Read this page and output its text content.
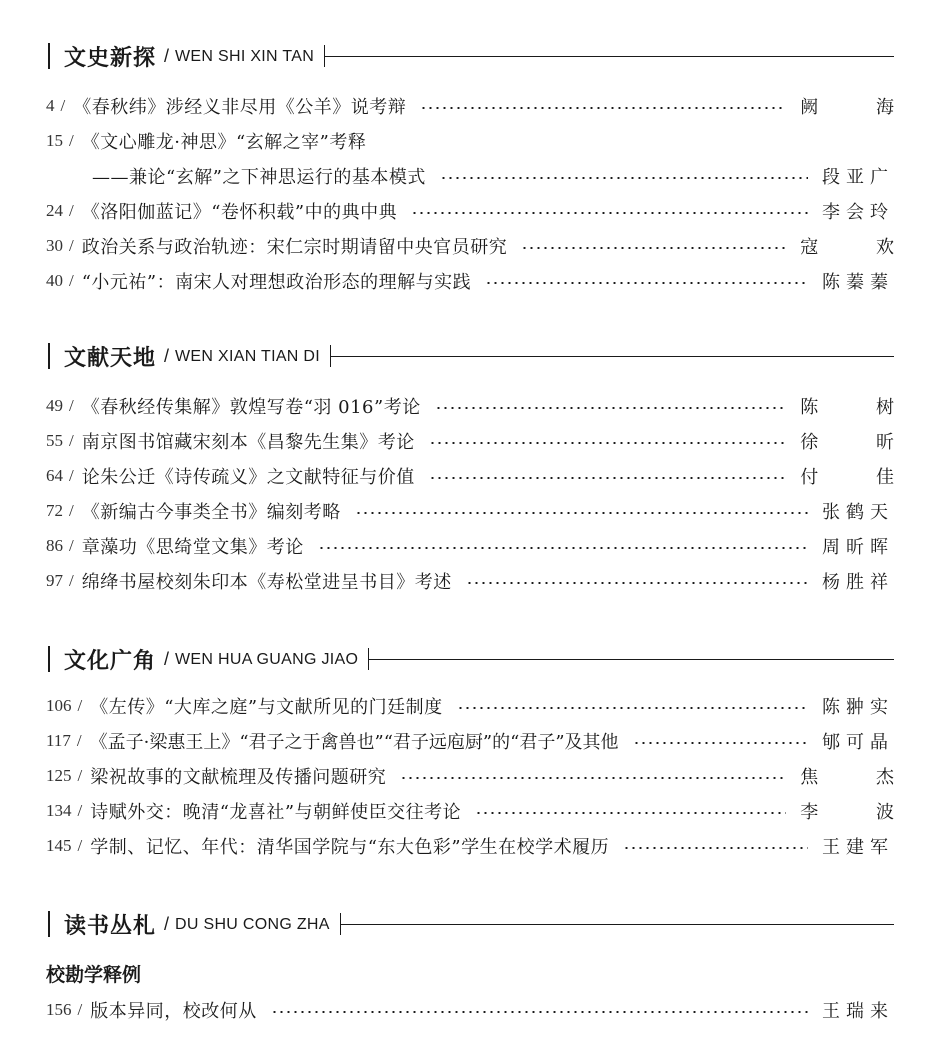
文史新探 / WEN SHI XIN TAN
4 / 《春秋纬》涉经义非尽用《公羊》说考辩	阙 海
15 / 《文心雕龙·神思》“玄解之宰”考释
——兼论“玄解”之下神思运行的基本模式	段亚广
24 / 《洛阳伽蓝记》“卷怀积载”中的典中典	李会玲
30 / 政治关系与政治轨迹：宋仁宗时期请留中央官员研究	寇 欢
40 / “小元祐”：南宋人对理想政治形态的理解与实践	陈蓁蓁
文献天地 / WEN XIAN TIAN DI
49 / 《春秋经传集解》敦煌写卷“羽 016”考论	陈 树
55 / 南京图书馆藏宋刻本《昌黎先生集》考论	徐 昕
64 / 论朱公迁《诗传疏义》之文献特征与价值	付 佳
72 / 《新编古今事类全书》编刻考略	张鹤天
86 / 章藻功《思绮堂文集》考论	周昕晖
97 / 绵绛书屋校刻朱印本《寿松堂进呈书目》考述	杨胜祥
文化广角 / WEN HUA GUANG JIAO
106 / 《左传》“大库之庭”与文献所见的门廷制度	陈翀实
117 / 《孟子·梁惠王上》“君子之于禽兽也”“君子远庖厨”的“君子”及其他	郇可晶
125 / 梁祝故事的文献梳理及传播问题研究	焦 杰
134 / 诗赋外交：晚清“龙喜社”与朝鲜使臣交往考论	李 波
145 / 学制、记忆、年代：清华国学院与“东大色彩”学生在校学术履历	王建军
读书丛札 / DU SHU CONG ZHA
校勘学释例
156 / 版本异同，校改何从	王瑞来
